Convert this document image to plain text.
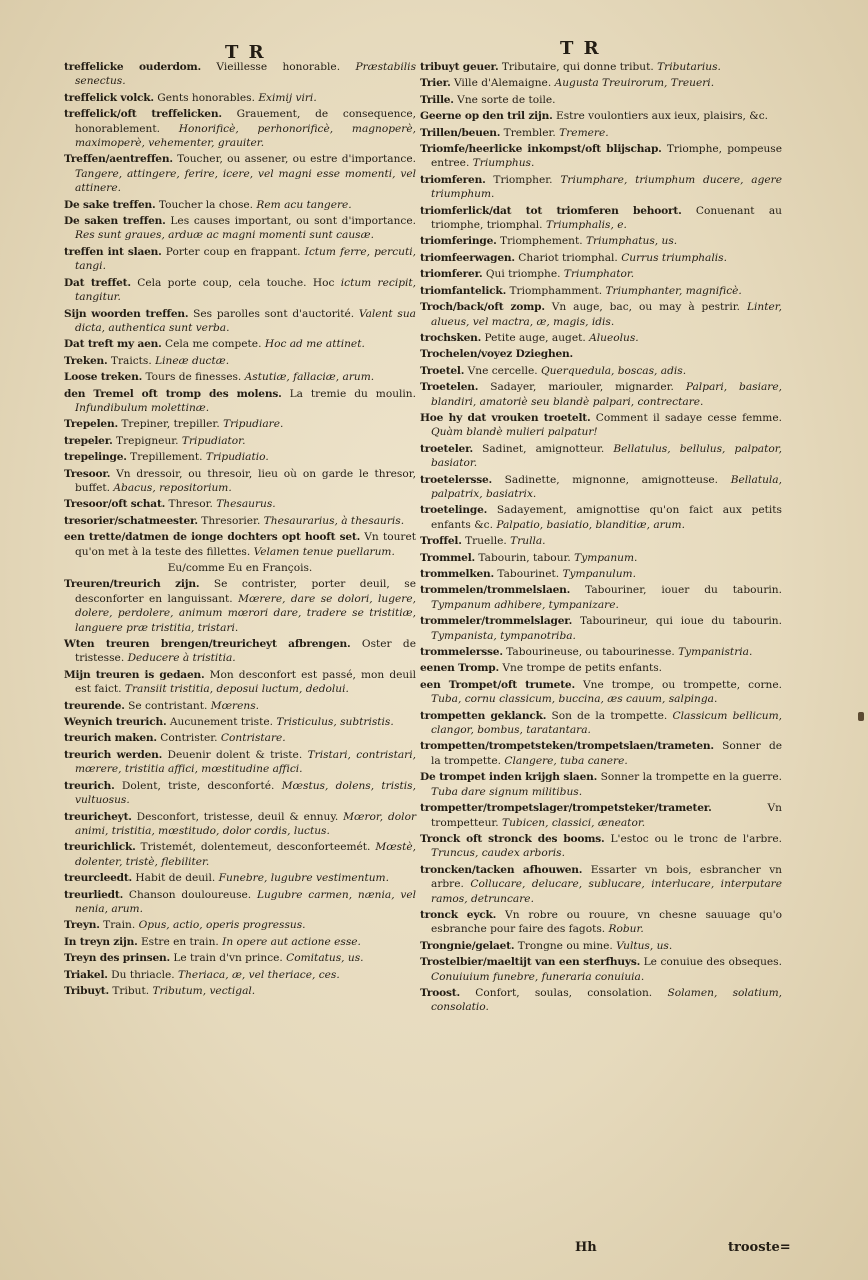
T R	T R
treffelicke ouderdom. Vieillesse honorable. Præstabilis senectus.
treffelick volck. Gents honorables. Eximij viri.
treffelick/oft treffelicken. Grauement, de consequence, honorablement. Honorificè, perhonorificè, magnoperè, maximoperè, vehementer, grauiter.
Treffen/aentreffen. Toucher, ou assener, ou estre d'importance. Tangere, attingere, ferire, icere, vel magni esse momenti, vel attinere.
De sake treffen. Toucher la chose. Rem acu tangere.
De saken treffen. Les causes important, ou sont d'importance. Res sunt graues, arduæ ac magni momenti sunt causæ.
treffen int slaen. Porter coup en frappant. Ictum ferre, percuti, tangi.
Dat treffet. Cela porte coup, cela touche. Hoc ictum recipit, tangitur.
Sijn woorden treffen. Ses parolles sont d'auctorité. Valent sua dicta, authentica sunt verba.
Dat treft my aen. Cela me compete. Hoc ad me attinet.
Treken. Traicts. Lineæ ductæ.
Loose treken. Tours de finesses. Astutiæ, fallaciæ, arum.
den Tremel oft tromp des molens. La tremie du moulin. Infundibulum molettinæ.
Trepelen. Trepiner, trepiller. Tripudiare.
trepeler. Trepigneur. Tripudiator.
trepelinge. Trepillement. Tripudiatio.
Tresoor. Vn dressoir, ou thresoir, lieu où on garde le thresor, buffet. Abacus, repositorium.
Tresoor/oft schat. Thresor. Thesaurus.
tresorier/schatmeester. Thresorier. Thesaurarius, à thesauris.
een trette/datmen de ionge dochters opt hooft set. Vn touret qu'on met à la teste des fillettes. Velamen tenue puellarum.
Eu/comme Eu en François.
Treuren/treurich zijn. Se contrister, porter deuil, se desconforter en languissant. Mœrere, dare se dolori, lugere, dolere, perdolere, animum mœrori dare, tradere se tristitiæ, languere præ tristitia, tristari.
Wten treuren brengen/treuricheyt afbrengen. Oster de tristesse. Deducere à tristitia.
Mijn treuren is gedaen. Mon desconfort est passé, mon deuil est faict. Transiit tristitia, deposui luctum, dedolui.
treurende. Se contristant. Mœrens.
Weynich treurich. Aucunement triste. Tristiculus, subtristis.
treurich maken. Contrister. Contristare.
treurich werden. Deuenir dolent & triste. Tristari, contristari, mœrere, tristitia affici, mœstitudine affici.
treurich. Dolent, triste, desconforté. Mœstus, dolens, tristis, vultuosus.
treuricheyt. Desconfort, tristesse, deuil & ennuy. Mœror, dolor animi, tristitia, mœstitudo, dolor cordis, luctus.
treurichlick. Tristemét, dolentemeut, desconforteemét. Mœstè, dolenter, tristè, flebiliter.
treurcleedt. Habit de deuil. Funebre, lugubre vestimentum.
treurliedt. Chanson douloureuse. Lugubre carmen, nænia, vel nenia, arum.
Treyn. Train. Opus, actio, operis progressus.
In treyn zijn. Estre en train. In opere aut actione esse.
Treyn des prinsen. Le train d'vn prince. Comitatus, us.
Triakel. Du thriacle. Theriaca, æ, vel theriace, ces.
Tribuyt. Tribut. Tributum, vectigal.
tribuyt geuer. Tributaire, qui donne tribut. Tributarius.
Trier. Ville d'Alemaigne. Augusta Treuirorum, Treueri.
Trille. Vne sorte de toile.
Geerne op den tril zijn. Estre voulontiers aux ieux, plaisirs, &c.
Trillen/beuen. Trembler. Tremere.
Triomfe/heerlicke inkompst/oft blijschap. Triomphe, pompeuse entree. Triumphus.
triomferen. Triompher. Triumphare, triumphum ducere, agere triumphum.
triomferlick/dat tot triomferen behoort. Conuenant au triomphe, triomphal. Triumphalis, e.
triomferinge. Triomphement. Triumphatus, us.
triomfeerwagen. Chariot triomphal. Currus triumphalis.
triomferer. Qui triomphe. Triumphator.
triomfantelick. Triomphamment. Triumphanter, magnificè.
Troch/back/oft zomp. Vn auge, bac, ou may à pestrir. Linter, alueus, vel mactra, æ, magis, idis.
trochsken. Petite auge, auget. Alueolus.
Trochelen/voyez Dzieghen.
Troetel. Vne cercelle. Querquedula, boscas, adis.
Troetelen. Sadayer, mariouler, mignarder. Palpari, basiare, blandiri, amatoriè seu blandè palpari, contrectare.
Hoe hy dat vrouken troetelt. Comment il sadaye cesse femme. Quàm blandè mulieri palpatur!
troeteler. Sadinet, amignotteur. Bellatulus, bellulus, palpator, basiator.
troetelersse. Sadinette, mignonne, amignotteuse. Bellatula, palpatrix, basiatrix.
troetelinge. Sadayement, amignottise qu'on faict aux petits enfants &c. Palpatio, basiatio, blanditiæ, arum.
Troffel. Truelle. Trulla.
Trommel. Tabourin, tabour. Tympanum.
trommelken. Tabourinet. Tympanulum.
trommelen/trommelslaen. Tabouriner, iouer du tabourin. Tympanum adhibere, tympanizare.
trommeler/trommelslager. Tabourineur, qui ioue du tabourin. Tympanista, tympanotriba.
trommelersse. Tabourineuse, ou tabourinesse. Tympanistria.
eenen Tromp. Vne trompe de petits enfants.
een Trompet/oft trumete. Vne trompe, ou trompette, corne. Tuba, cornu classicum, buccina, æs cauum, salpinga.
trompetten geklanck. Son de la trompette. Classicum bellicum, clangor, bombus, taratantara.
trompetten/trompetsteken/trompetslaen/trameten. Sonner de la trompette. Clangere, tuba canere.
De trompet inden krijgh slaen. Sonner la trompette en la guerre. Tuba dare signum militibus.
trompetter/trompetslager/trompetsteker/trameter.	Vn trompetteur. Tubicen, classici, æneator.
Tronck oft stronck des booms. L'estoc ou le tronc de l'arbre. Truncus, caudex arboris.
troncken/tacken afhouwen. Essarter vn bois, esbrancher vn arbre. Collucare, delucare, sublucare, interlucare, interputare ramos, detruncare.
tronck eyck. Vn robre ou rouure, vn chesne sauuage qu'o esbranche pour faire des fagots. Robur.
Trongnie/gelaet. Trongne ou mine. Vultus, us.
Trostelbier/maeltijt van een sterfhuys. Le conuiue des obseques. Conuiuium funebre, funeraria conuiuia.
Troost. Confort, soulas, consolation. Solamen, solatium, consolatio.
Hh	trooste=
